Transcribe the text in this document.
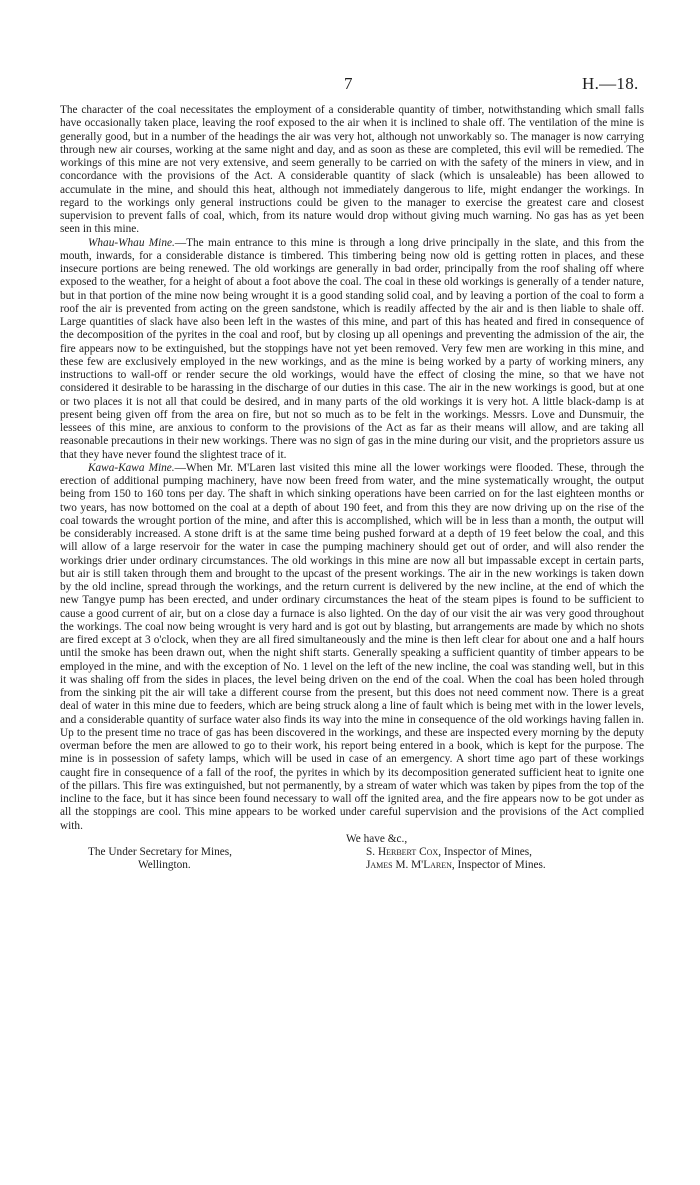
7	H.—18.

The character of the coal necessitates the employment of a considerable quantity of timber, notwithstanding which small falls have occasionally taken place, leaving the roof exposed to the air when it is inclined to shale off. The ventilation of the mine is generally good, but in a number of the headings the air was very hot, although not unworkably so. The manager is now carrying through new air courses, working at the same night and day, and as soon as these are completed, this evil will be remedied. The workings of this mine are not very extensive, and seem generally to be carried on with the safety of the miners in view, and in concordance with the provisions of the Act. A considerable quantity of slack (which is unsaleable) has been allowed to accumulate in the mine, and should this heat, although not immediately dangerous to life, might endanger the workings. In regard to the workings only general instructions could be given to the manager to exercise the greatest care and closest supervision to prevent falls of coal, which, from its nature would drop without giving much warning. No gas has as yet been seen in this mine.

Whau-Whau Mine.—The main entrance to this mine is through a long drive principally in the slate, and this from the mouth, inwards, for a considerable distance is timbered. This timbering being now old is getting rotten in places, and these insecure portions are being renewed. The old workings are generally in bad order, principally from the roof shaling off where exposed to the weather, for a height of about a foot above the coal. The coal in these old workings is generally of a tender nature, but in that portion of the mine now being wrought it is a good standing solid coal, and by leaving a portion of the coal to form a roof the air is prevented from acting on the green sandstone, which is readily affected by the air and is then liable to shale off. Large quantities of slack have also been left in the wastes of this mine, and part of this has heated and fired in consequence of the decomposition of the pyrites in the coal and roof, but by closing up all openings and preventing the admission of the air, the fire appears now to be extinguished, but the stoppings have not yet been removed. Very few men are working in this mine, and these few are exclusively employed in the new workings, and as the mine is being worked by a party of working miners, any instructions to wall-off or render secure the old workings, would have the effect of closing the mine, so that we have not considered it desirable to be harassing in the discharge of our duties in this case. The air in the new workings is good, but at one or two places it is not all that could be desired, and in many parts of the old workings it is very hot. A little black-damp is at present being given off from the area on fire, but not so much as to be felt in the workings. Messrs. Love and Dunsmuir, the lessees of this mine, are anxious to conform to the provisions of the Act as far as their means will allow, and are taking all reasonable precautions in their new workings. There was no sign of gas in the mine during our visit, and the proprietors assure us that they have never found the slightest trace of it.

Kawa-Kawa Mine.—When Mr. M'Laren last visited this mine all the lower workings were flooded. These, through the erection of additional pumping machinery, have now been freed from water, and the mine systematically wrought, the output being from 150 to 160 tons per day. The shaft in which sinking operations have been carried on for the last eighteen months or two years, has now bottomed on the coal at a depth of about 190 feet, and from this they are now driving up on the rise of the coal towards the wrought portion of the mine, and after this is accomplished, which will be in less than a month, the output will be considerably increased. A stone drift is at the same time being pushed forward at a depth of 19 feet below the coal, and this will allow of a large reservoir for the water in case the pumping machinery should get out of order, and will also render the workings drier under ordinary circumstances. The old workings in this mine are now all but impassable except in certain parts, but air is still taken through them and brought to the upcast of the present workings. The air in the new workings is taken down by the old incline, spread through the workings, and the return current is delivered by the new incline, at the end of which the new Tangye pump has been erected, and under ordinary circumstances the heat of the steam pipes is found to be sufficient to cause a good current of air, but on a close day a furnace is also lighted. On the day of our visit the air was very good throughout the workings. The coal now being wrought is very hard and is got out by blasting, but arrangements are made by which no shots are fired except at 3 o'clock, when they are all fired simultaneously and the mine is then left clear for about one and a half hours until the smoke has been drawn out, when the night shift starts. Generally speaking a sufficient quantity of timber appears to be employed in the mine, and with the exception of No. 1 level on the left of the new incline, the coal was standing well, but in this it was shaling off from the sides in places, the level being driven on the end of the coal. When the coal has been holed through from the sinking pit the air will take a different course from the present, but this does not need comment now. There is a great deal of water in this mine due to feeders, which are being struck along a line of fault which is being met with in the lower levels, and a considerable quantity of surface water also finds its way into the mine in consequence of the old workings having fallen in. Up to the present time no trace of gas has been discovered in the workings, and these are inspected every morning by the deputy overman before the men are allowed to go to their work, his report being entered in a book, which is kept for the purpose. The mine is in possession of safety lamps, which will be used in case of an emergency. A short time ago part of these workings caught fire in consequence of a fall of the roof, the pyrites in which by its decomposition generated sufficient heat to ignite one of the pillars. This fire was extinguished, but not permanently, by a stream of water which was taken by pipes from the top of the incline to the face, but it has since been found necessary to wall off the ignited area, and the fire appears now to be got under as all the stoppings are cool. This mine appears to be worked under careful supervision and the provisions of the Act complied with.

We have &c.,

The Under Secretary for Mines,
Wellington.
S. Herbert Cox, Inspector of Mines,
James M. M'Laren, Inspector of Mines.
